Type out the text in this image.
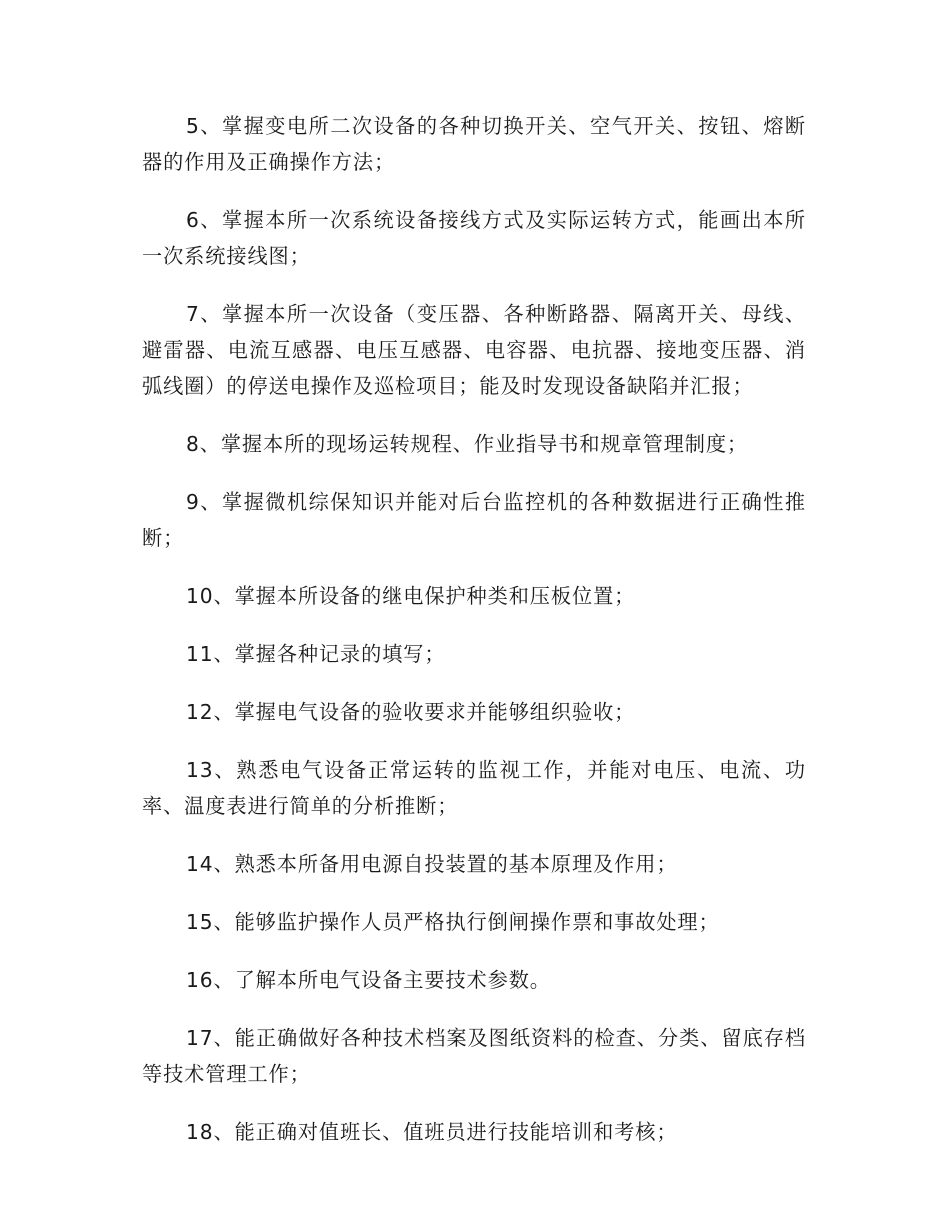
5、掌握变电所二次设备的各种切换开关、空气开关、按钮、熔断器的作用及正确操作方法；

6、掌握本所一次系统设备接线方式及实际运转方式，能画出本所一次系统接线图；

7、掌握本所一次设备（变压器、各种断路器、隔离开关、母线、避雷器、电流互感器、电压互感器、电容器、电抗器、接地变压器、消弧线圈）的停送电操作及巡检项目；能及时发现设备缺陷并汇报；

8、掌握本所的现场运转规程、作业指导书和规章管理制度；

9、掌握微机综保知识并能对后台监控机的各种数据进行正确性推断；

10、掌握本所设备的继电保护种类和压板位置；

11、掌握各种记录的填写；

12、掌握电气设备的验收要求并能够组织验收；

13、熟悉电气设备正常运转的监视工作，并能对电压、电流、功率、温度表进行简单的分析推断；

14、熟悉本所备用电源自投装置的基本原理及作用；

15、能够监护操作人员严格执行倒闸操作票和事故处理；

16、了解本所电气设备主要技术参数。

17、能正确做好各种技术档案及图纸资料的检查、分类、留底存档等技术管理工作；

18、能正确对值班长、值班员进行技能培训和考核；
